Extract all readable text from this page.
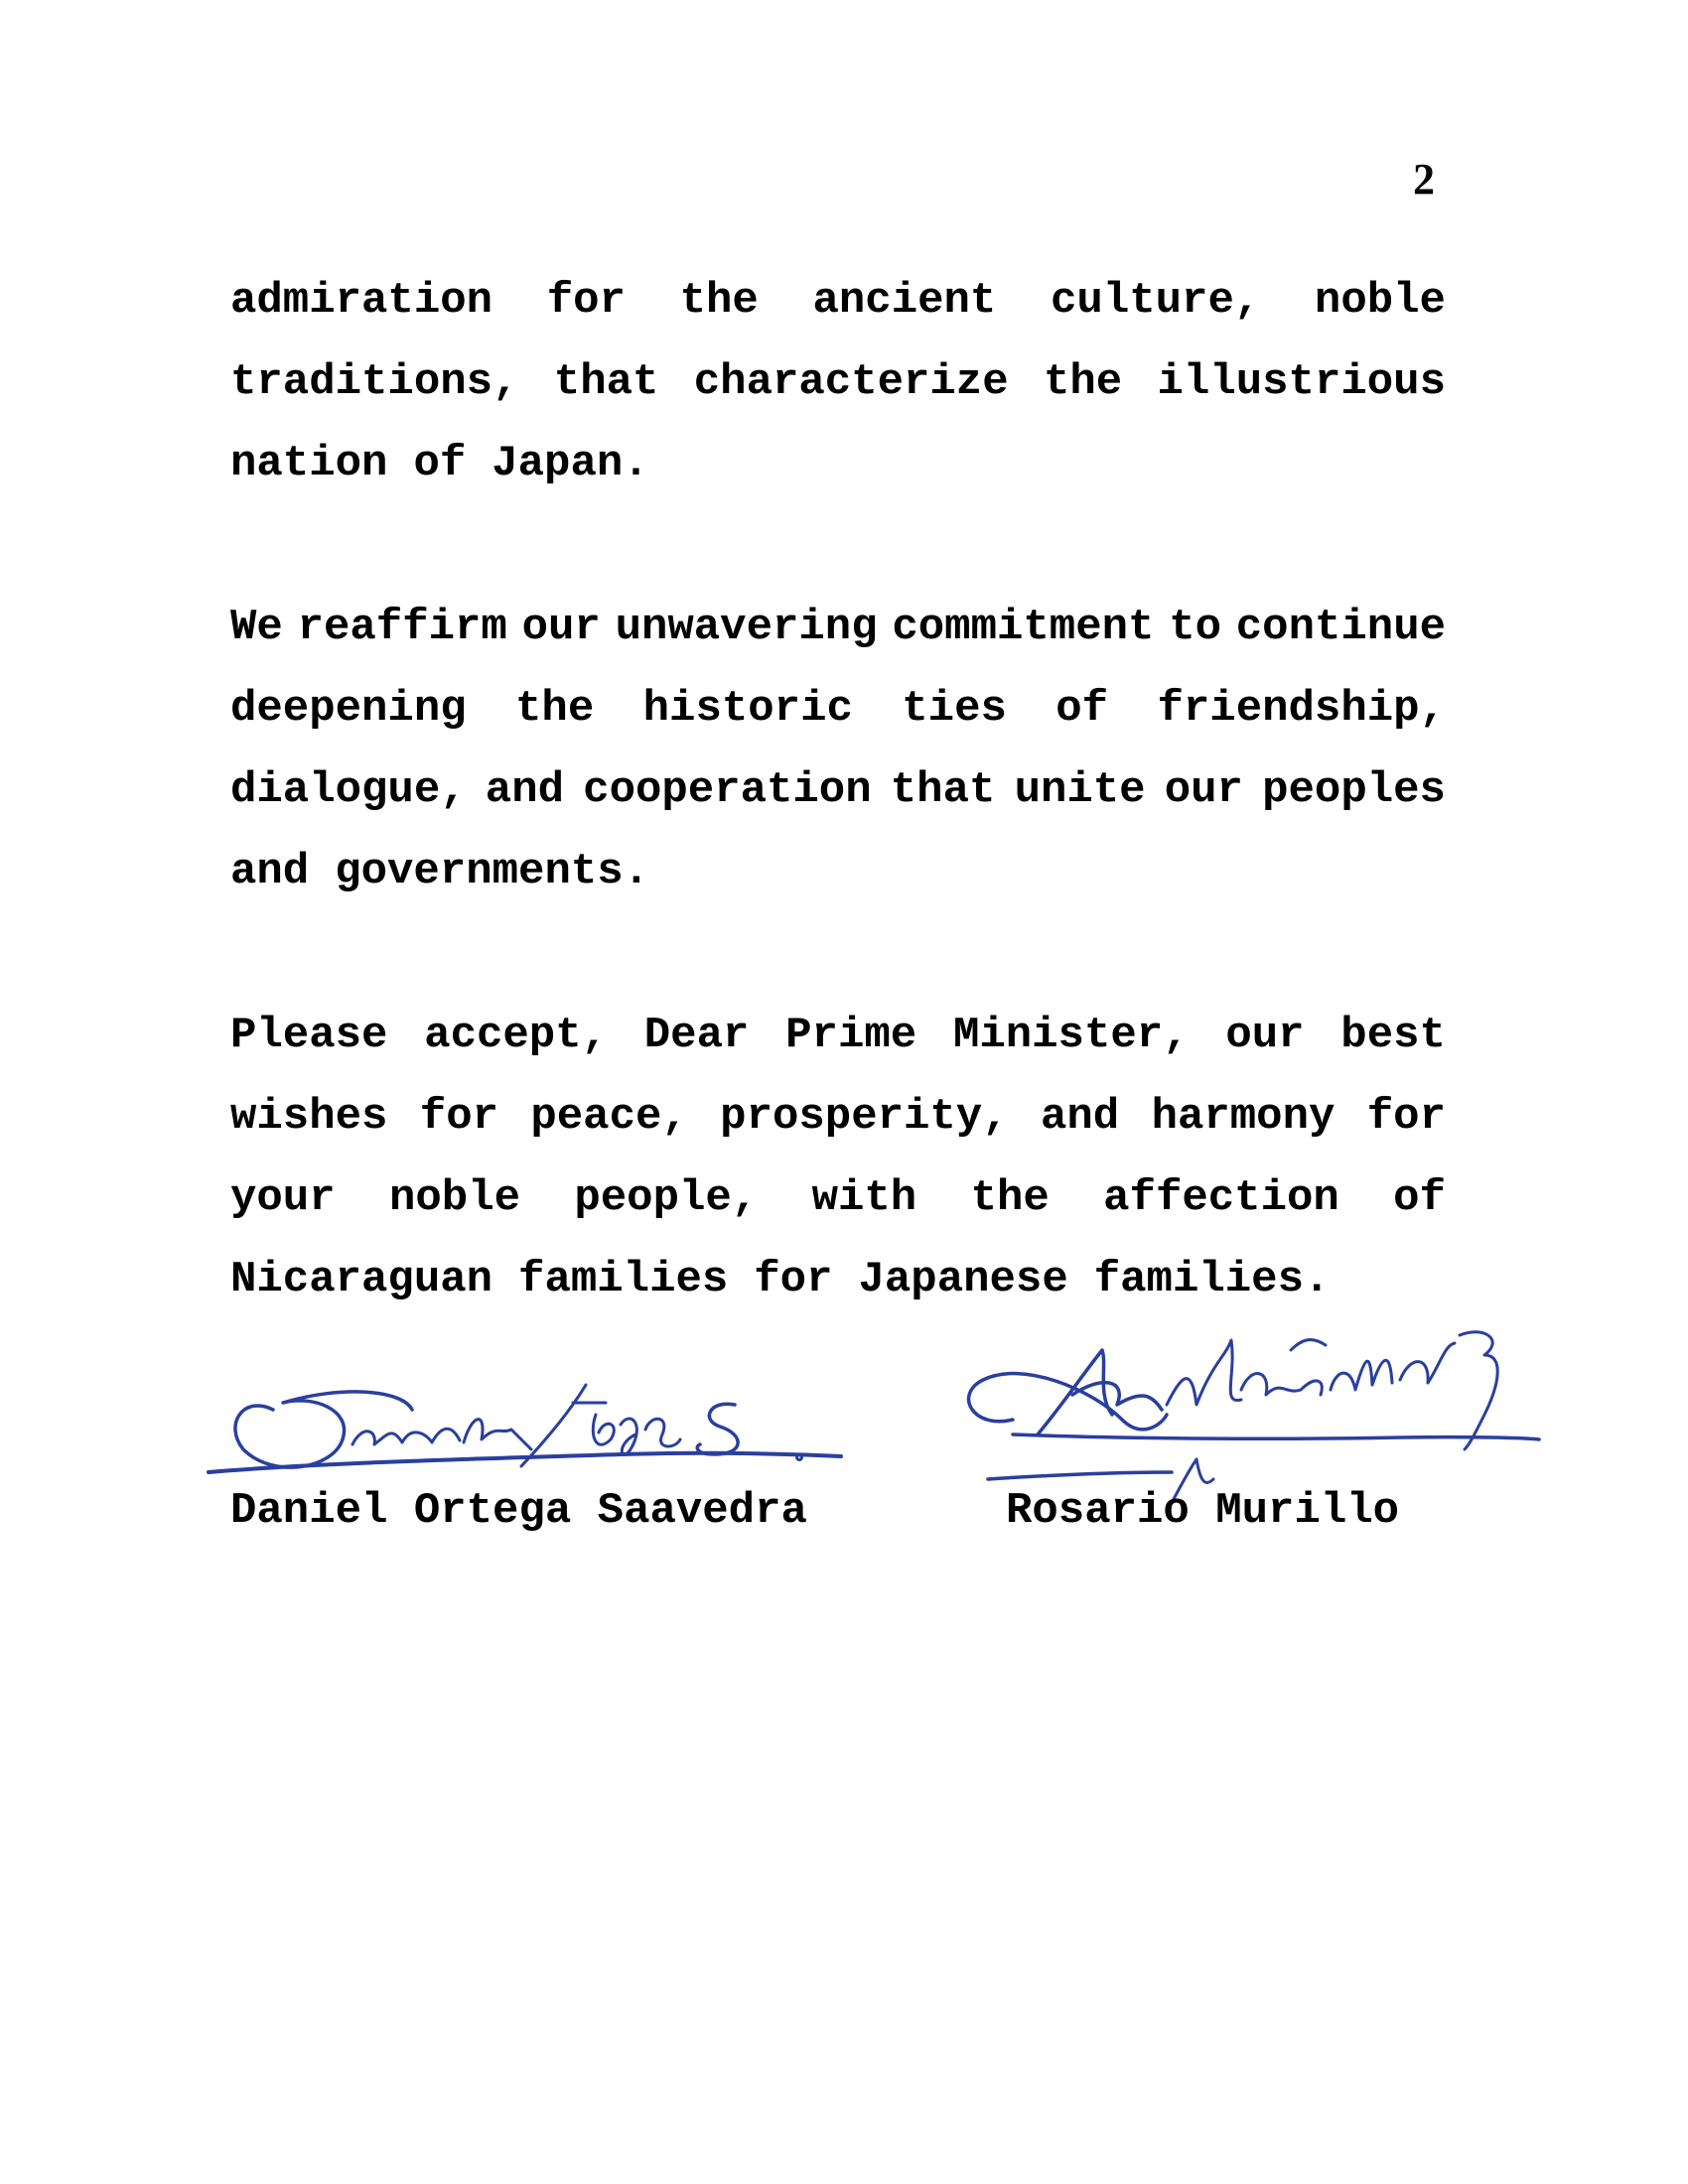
2
admiration for the ancient culture, noble
traditions, that characterize the illustrious
nation of Japan.
We reaffirm our unwavering commitment to continue
deepening the historic ties of friendship,
dialogue, and cooperation that unite our peoples
and governments.
Please accept, Dear Prime Minister, our best
wishes for peace, prosperity, and harmony for
your noble people, with the affection of
Nicaraguan families for Japanese families.
Daniel Ortega Saavedra	Rosario Murillo
